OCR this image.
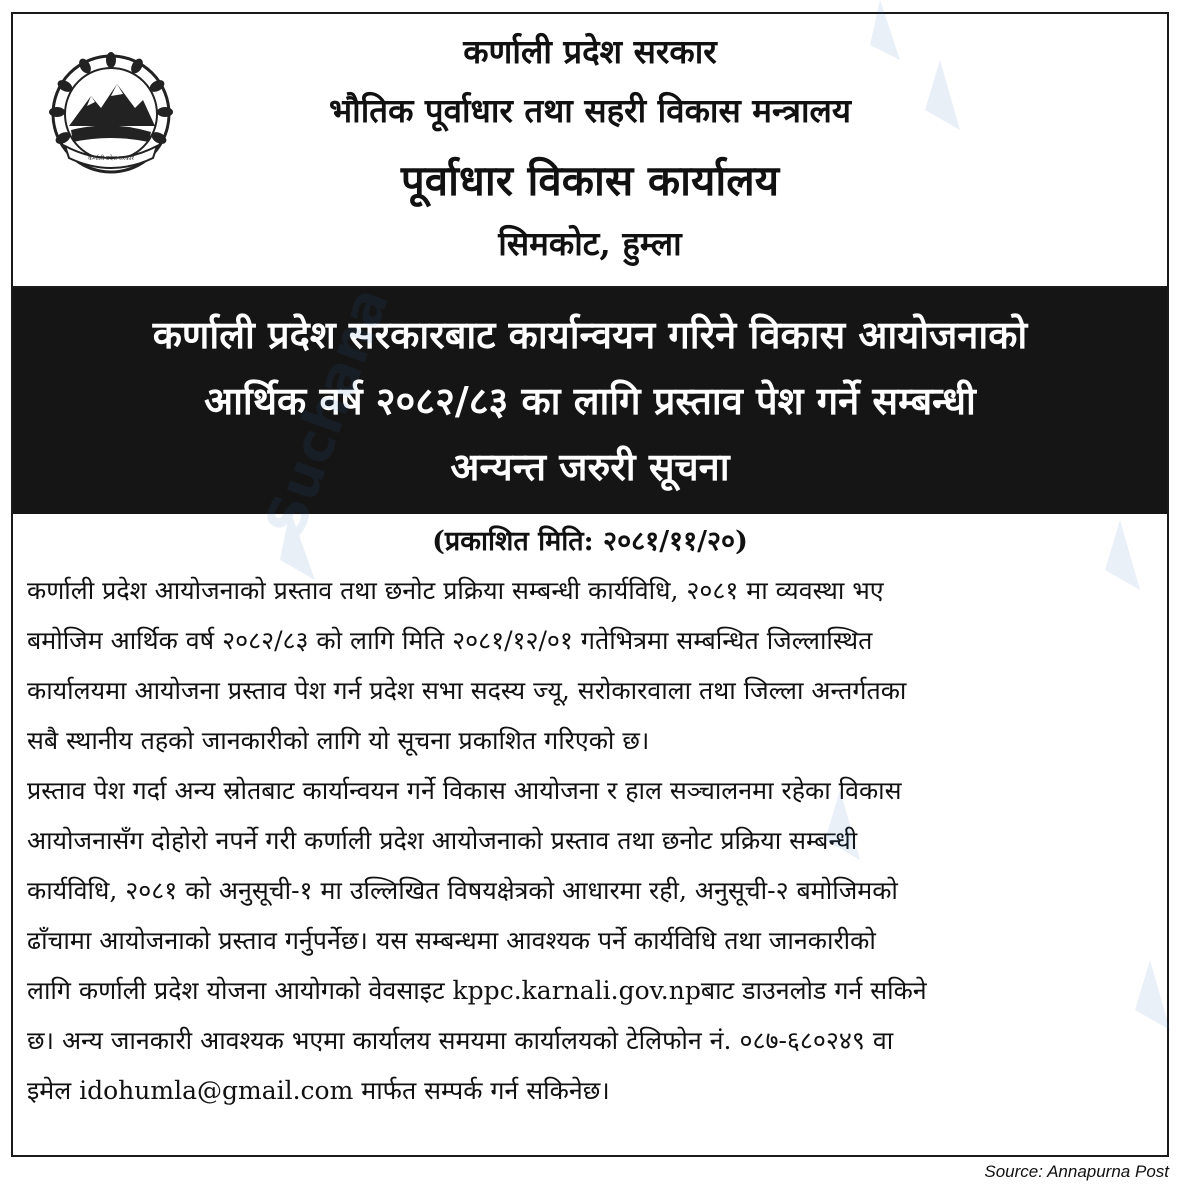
कर्णाली प्रदेश सरकार
कर्णाली प्रदेश सरकार
भौतिक पूर्वाधार तथा सहरी विकास मन्त्रालय
पूर्वाधार विकास कार्यालय
सिमकोट, हुम्ला
कर्णाली प्रदेश सरकारबाट कार्यान्वयन गरिने विकास आयोजनाको
आर्थिक वर्ष २०८२/८३ का लागि प्रस्ताव पेश गर्ने सम्बन्धी
अन्यन्त जरुरी सूचना
(प्रकाशित मिति: २०८१/११/२०)
कर्णाली प्रदेश आयोजनाको प्रस्ताव तथा छनोट प्रक्रिया सम्बन्धी कार्यविधि, २०८१ मा व्यवस्था भए
बमोजिम आर्थिक वर्ष २०८२/८३ को लागि मिति २०८१/१२/०१ गतेभित्रमा सम्बन्धित जिल्लास्थित
कार्यालयमा आयोजना प्रस्ताव पेश गर्न प्रदेश सभा सदस्य ज्यू, सरोकारवाला तथा जिल्ला अन्तर्गतका
सबै स्थानीय तहको जानकारीको लागि यो सूचना प्रकाशित गरिएको छ।
प्रस्ताव पेश गर्दा अन्य स्रोतबाट कार्यान्वयन गर्ने विकास आयोजना र हाल सञ्चालनमा रहेका विकास
आयोजनासँग दोहोरो नपर्ने गरी कर्णाली प्रदेश आयोजनाको प्रस्ताव तथा छनोट प्रक्रिया सम्बन्धी
कार्यविधि, २०८१ को अनुसूची-१ मा उल्लिखित विषयक्षेत्रको आधारमा रही, अनुसूची-२ बमोजिमको
ढाँचामा आयोजनाको प्रस्ताव गर्नुपर्नेछ। यस सम्बन्धमा आवश्यक पर्ने कार्यविधि तथा जानकारीको
लागि कर्णाली प्रदेश योजना आयोगको वेवसाइट kppc.karnali.gov.npबाट डाउनलोड गर्न सकिने
छ। अन्य जानकारी आवश्यक भएमा कार्यालय समयमा कार्यालयको टेलिफोन नं. ०८७-६८०२४९ वा
इमेल idohumla@gmail.com मार्फत सम्पर्क गर्न सकिनेछ।
Source: Annapurna Post
